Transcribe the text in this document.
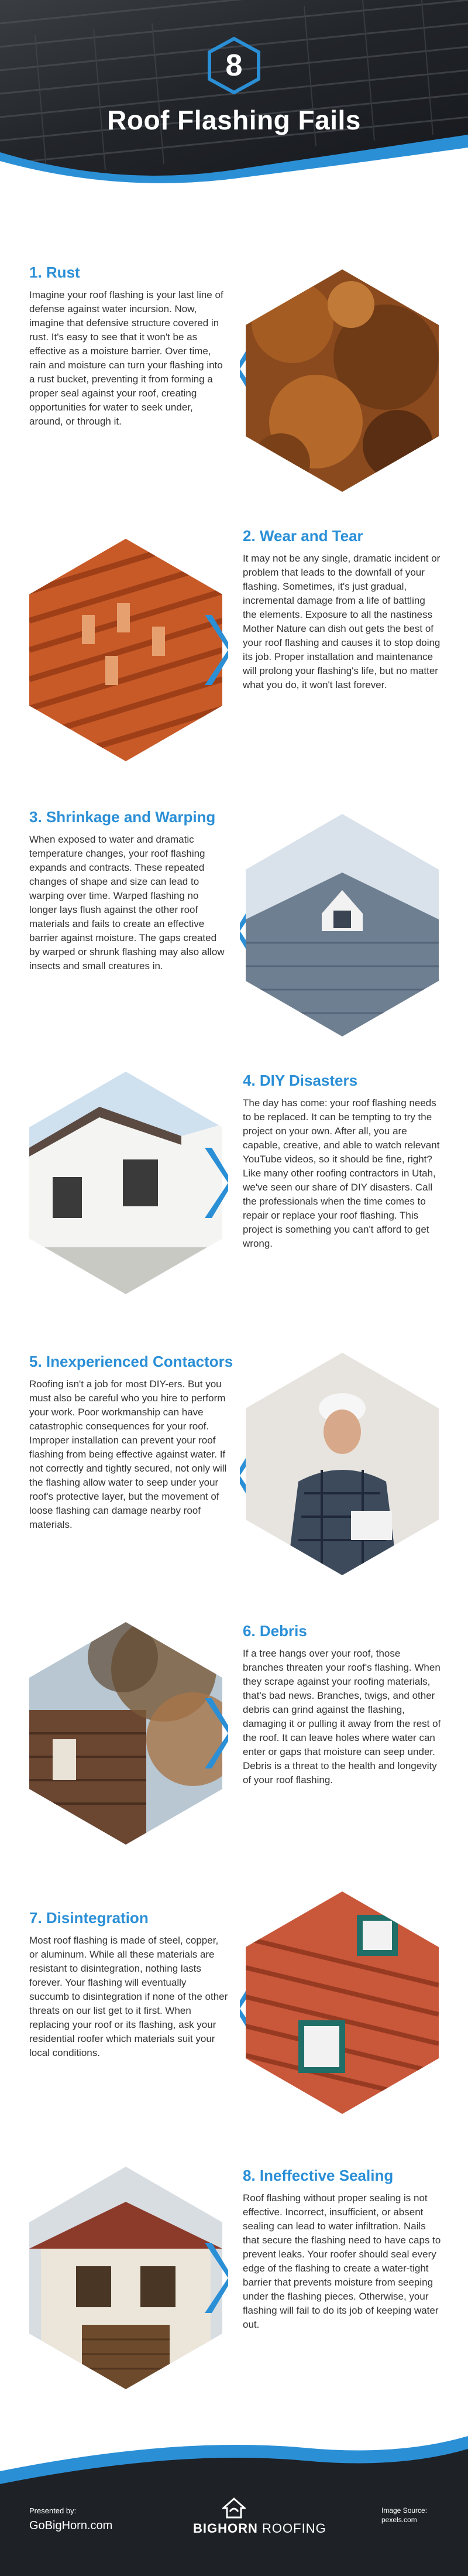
8
Roof Flashing Fails
1. Rust
Imagine your roof flashing is your last line of defense against water incursion. Now, imagine that defensive structure covered in rust. It's easy to see that it won't be as effective as a moisture barrier. Over time, rain and moisture can turn your flashing into a rust bucket, preventing it from forming a proper seal against your roof, creating opportunities for water to seek under, around, or through it.
2. Wear and Tear
It may not be any single, dramatic incident or problem that leads to the downfall of your flashing. Sometimes, it's just gradual, incremental damage from a life of battling the elements. Exposure to all the nastiness Mother Nature can dish out gets the best of your roof flashing and causes it to stop doing its job. Proper installation and maintenance will prolong your flashing's life, but no matter what you do, it won't last forever.
3. Shrinkage and Warping
When exposed to water and dramatic temperature changes, your roof flashing expands and contracts. These repeated changes of shape and size can lead to warping over time. Warped flashing no longer lays flush against the other roof materials and fails to create an effective barrier against moisture. The gaps created by warped or shrunk flashing may also allow insects and small creatures in.
4. DIY Disasters
The day has come: your roof flashing needs to be replaced. It can be tempting to try the project on your own. After all, you are capable, creative, and able to watch relevant YouTube videos, so it should be fine, right? Like many other roofing contractors in Utah, we've seen our share of DIY disasters. Call the professionals when the time comes to repair or replace your roof flashing. This project is something you can't afford to get wrong.
5. Inexperienced Contactors
Roofing isn't a job for most DIY-ers. But you must also be careful who you hire to perform your work. Poor workmanship can have catastrophic consequences for your roof. Improper installation can prevent your roof flashing from being effective against water. If not correctly and tightly secured, not only will the flashing allow water to seep under your roof's protective layer, but the movement of loose flashing can damage nearby roof materials.
6. Debris
If a tree hangs over your roof, those branches threaten your roof's flashing. When they scrape against your roofing materials, that's bad news. Branches, twigs, and other debris can grind against the flashing, damaging it or pulling it away from the rest of the roof. It can leave holes where water can enter or gaps that moisture can seep under. Debris is a threat to the health and longevity of your roof flashing.
7. Disintegration
Most roof flashing is made of steel, copper, or aluminum. While all these materials are resistant to disintegration, nothing lasts forever. Your flashing will eventually succumb to disintegration if none of the other threats on our list get to it first. When replacing your roof or its flashing, ask your residential roofer which materials suit your local conditions.
8. Ineffective Sealing
Roof flashing without proper sealing is not effective. Incorrect, insufficient, or absent sealing can lead to water infiltration. Nails that secure the flashing need to have caps to prevent leaks. Your roofer should seal every edge of the flashing to create a water-tight barrier that prevents moisture from seeping under the flashing pieces. Otherwise, your flashing will fail to do its job of keeping water out.
Presented by:
GoBigHorn.com	BIGHORN ROOFING
Image Source:
pexels.com
